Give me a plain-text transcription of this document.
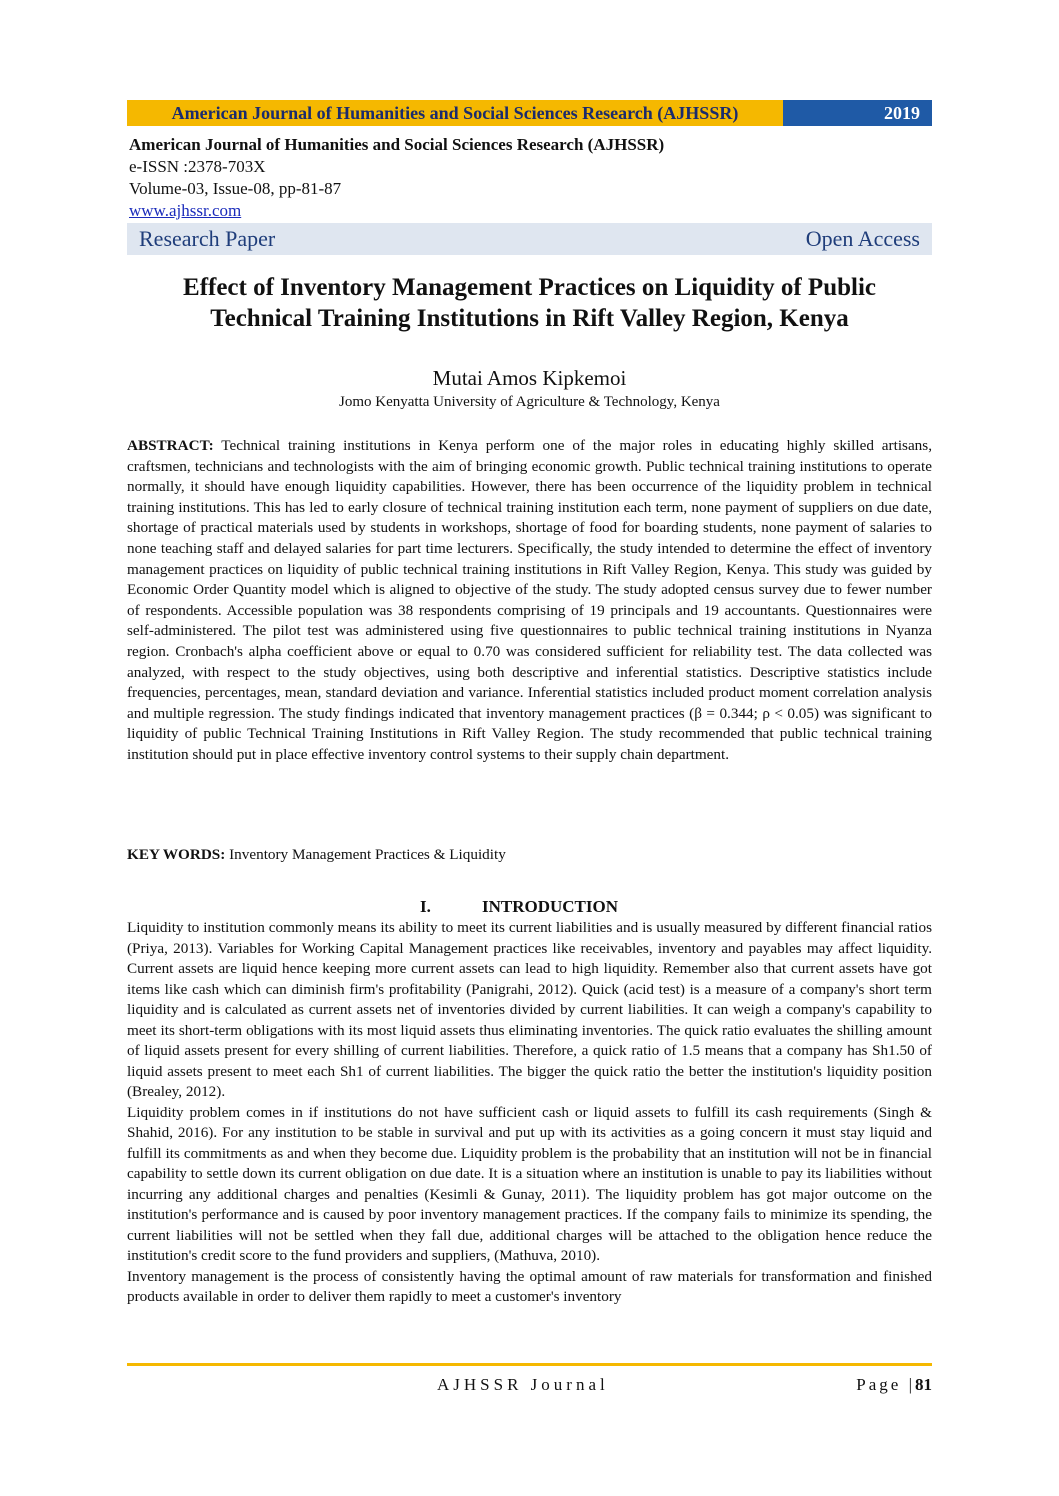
American Journal of Humanities and Social Sciences Research (AJHSSR)	2019
American Journal of Humanities and Social Sciences Research (AJHSSR)
e-ISSN :2378-703X
Volume-03, Issue-08, pp-81-87
www.ajhssr.com
Research Paper	Open Access
Effect of Inventory Management Practices on Liquidity of Public
Technical Training Institutions in Rift Valley Region, Kenya
Mutai Amos Kipkemoi
Jomo Kenyatta University of Agriculture & Technology, Kenya
ABSTRACT: Technical training institutions in Kenya perform one of the major roles in educating highly skilled artisans, craftsmen, technicians and technologists with the aim of bringing economic growth. Public technical training institutions to operate normally, it should have enough liquidity capabilities. However, there has been occurrence of the liquidity problem in technical training institutions. This has led to early closure of technical training institution each term, none payment of suppliers on due date, shortage of practical materials used by students in workshops, shortage of food for boarding students, none payment of salaries to none teaching staff and delayed salaries for part time lecturers. Specifically, the study intended to determine the effect of inventory management practices on liquidity of public technical training institutions in Rift Valley Region, Kenya. This study was guided by Economic Order Quantity model which is aligned to objective of the study. The study adopted census survey due to fewer number of respondents. Accessible population was 38 respondents comprising of 19 principals and 19 accountants. Questionnaires were self-administered. The pilot test was administered using five questionnaires to public technical training institutions in Nyanza region. Cronbach's alpha coefficient above or equal to 0.70 was considered sufficient for reliability test. The data collected was analyzed, with respect to the study objectives, using both descriptive and inferential statistics. Descriptive statistics include frequencies, percentages, mean, standard deviation and variance. Inferential statistics included product moment correlation analysis and multiple regression. The study findings indicated that inventory management practices (β = 0.344; ρ < 0.05) was significant to liquidity of public Technical Training Institutions in Rift Valley Region. The study recommended that public technical training institution should put in place effective inventory control systems to their supply chain department.
KEY WORDS: Inventory Management Practices & Liquidity
I.	INTRODUCTION

Liquidity to institution commonly means its ability to meet its current liabilities and is usually measured by different financial ratios (Priya, 2013). Variables for Working Capital Management practices like receivables, inventory and payables may affect liquidity. Current assets are liquid hence keeping more current assets can lead to high liquidity. Remember also that current assets have got items like cash which can diminish firm's profitability (Panigrahi, 2012). Quick (acid test) is a measure of a company's short term liquidity and is calculated as current assets net of inventories divided by current liabilities. It can weigh a company's capability to meet its short-term obligations with its most liquid assets thus eliminating inventories. The quick ratio evaluates the shilling amount of liquid assets present for every shilling of current liabilities. Therefore, a quick ratio of 1.5 means that a company has Sh1.50 of liquid assets present to meet each Sh1 of current liabilities. The bigger the quick ratio the better the institution's liquidity position (Brealey, 2012).

Liquidity problem comes in if institutions do not have sufficient cash or liquid assets to fulfill its cash requirements (Singh & Shahid, 2016). For any institution to be stable in survival and put up with its activities as a going concern it must stay liquid and fulfill its commitments as and when they become due. Liquidity problem is the probability that an institution will not be in financial capability to settle down its current obligation on due date. It is a situation where an institution is unable to pay its liabilities without incurring any additional charges and penalties (Kesimli & Gunay, 2011). The liquidity problem has got major outcome on the institution's performance and is caused by poor inventory management practices. If the company fails to minimize its spending, the current liabilities will not be settled when they fall due, additional charges will be attached to the obligation hence reduce the institution's credit score to the fund providers and suppliers, (Mathuva, 2010).

Inventory management is the process of consistently having the optimal amount of raw materials for transformation and finished products available in order to deliver them rapidly to meet a customer's inventory

AJHSSR Journal	Page |81
